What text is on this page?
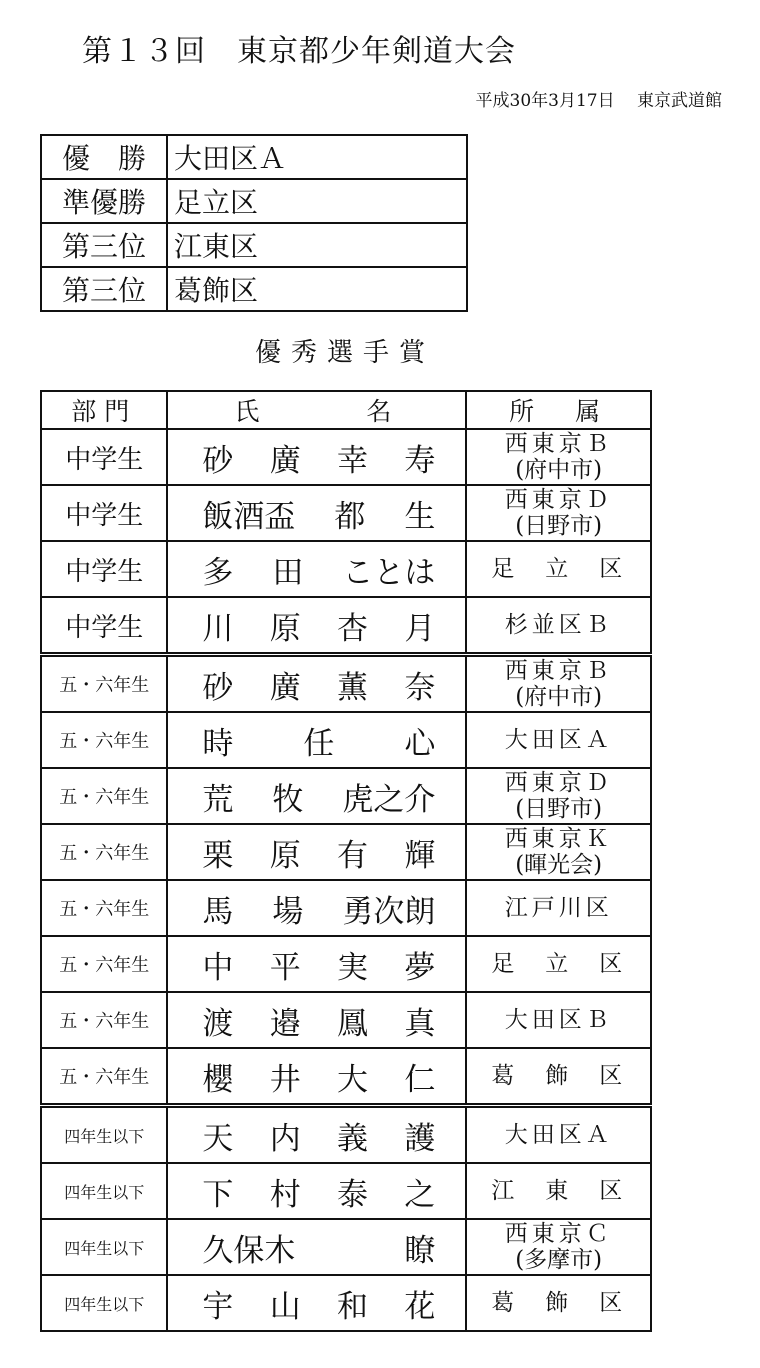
第１３回　東京都少年剣道大会
平成30年3月17日　 東京武道館
優　勝	大田区Ａ
準優勝	足立区
第三位	江東区
第三位	葛飾区
優秀選手賞
部門	氏　　　名	所　属
中学生	砂 廣 幸 寿	西東京Ｂ
(府中市)

中学生	飯酒盃 都 生	西東京Ｄ
(日野市)

中学生	多 田 ことは	足　立　区

中学生	川 原 杏 月	杉並区Ｂ

五・六年生	砂 廣 薫 奈	西東京Ｂ
(府中市)

五・六年生	時 任 心	大田区Ａ

五・六年生	荒 牧 虎之介	西東京Ｄ
(日野市)

五・六年生	栗 原 有 輝	西東京Ｋ
(暉光会)

五・六年生	馬 場 勇次朗	江戸川区

五・六年生	中 平 実 夢	足　立　区

五・六年生	渡 邉 鳳 真	大田区Ｂ

五・六年生	櫻 井 大 仁	葛　飾　区

四年生以下	天 内 義 護	大田区Ａ

四年生以下	下 村 泰 之	江　東　区

四年生以下	久保木 瞭	西東京Ｃ
(多摩市)

四年生以下	宇 山 和 花	葛　飾　区
